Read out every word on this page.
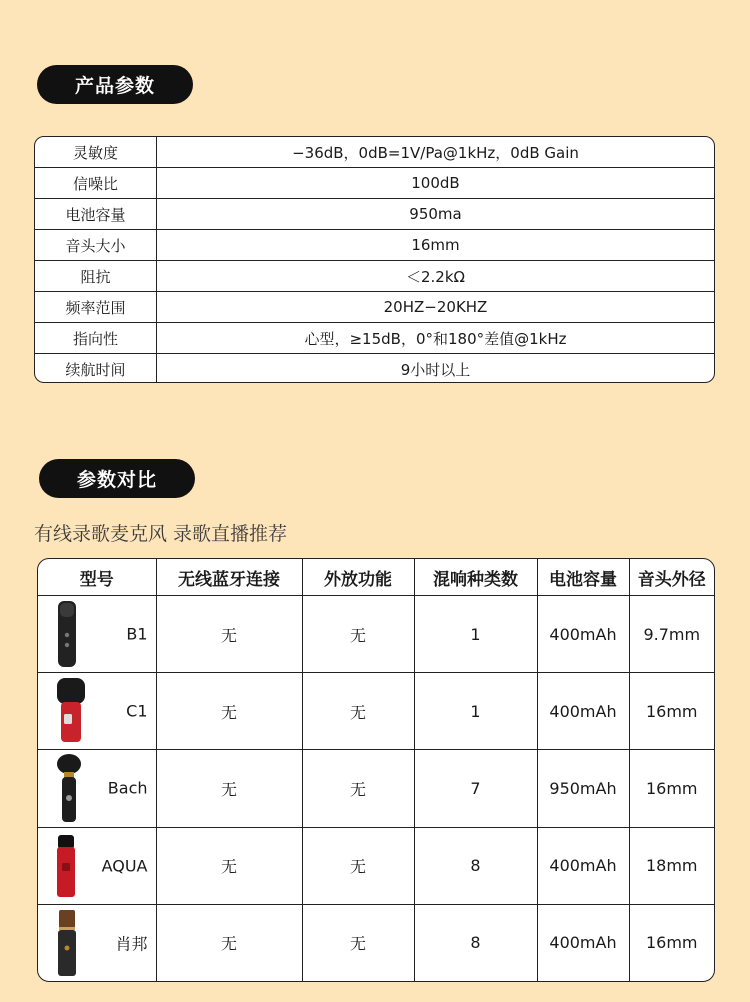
产品参数
灵敏度	−36dB，0dB=1V/Pa@1kHz，0dB Gain
信噪比	100dB
电池容量	950ma
音头大小	16mm
阻抗	＜2.2kΩ
频率范围	20HZ−20KHZ
指向性	心型，≥15dB，0°和180°差值@1kHz
续航时间	9小时以上
参数对比
有线录歌麦克风 录歌直播推荐
型号	无线蓝牙连接	外放功能	混响种类数	电池容量	音头外径

B1	无	无	1	400mAh	9.7mm

C1	无	无	1	400mAh	16mm

Bach	无	无	7	950mAh	16mm

AQUA	无	无	8	400mAh	18mm

肖邦	无	无	8	400mAh	16mm
